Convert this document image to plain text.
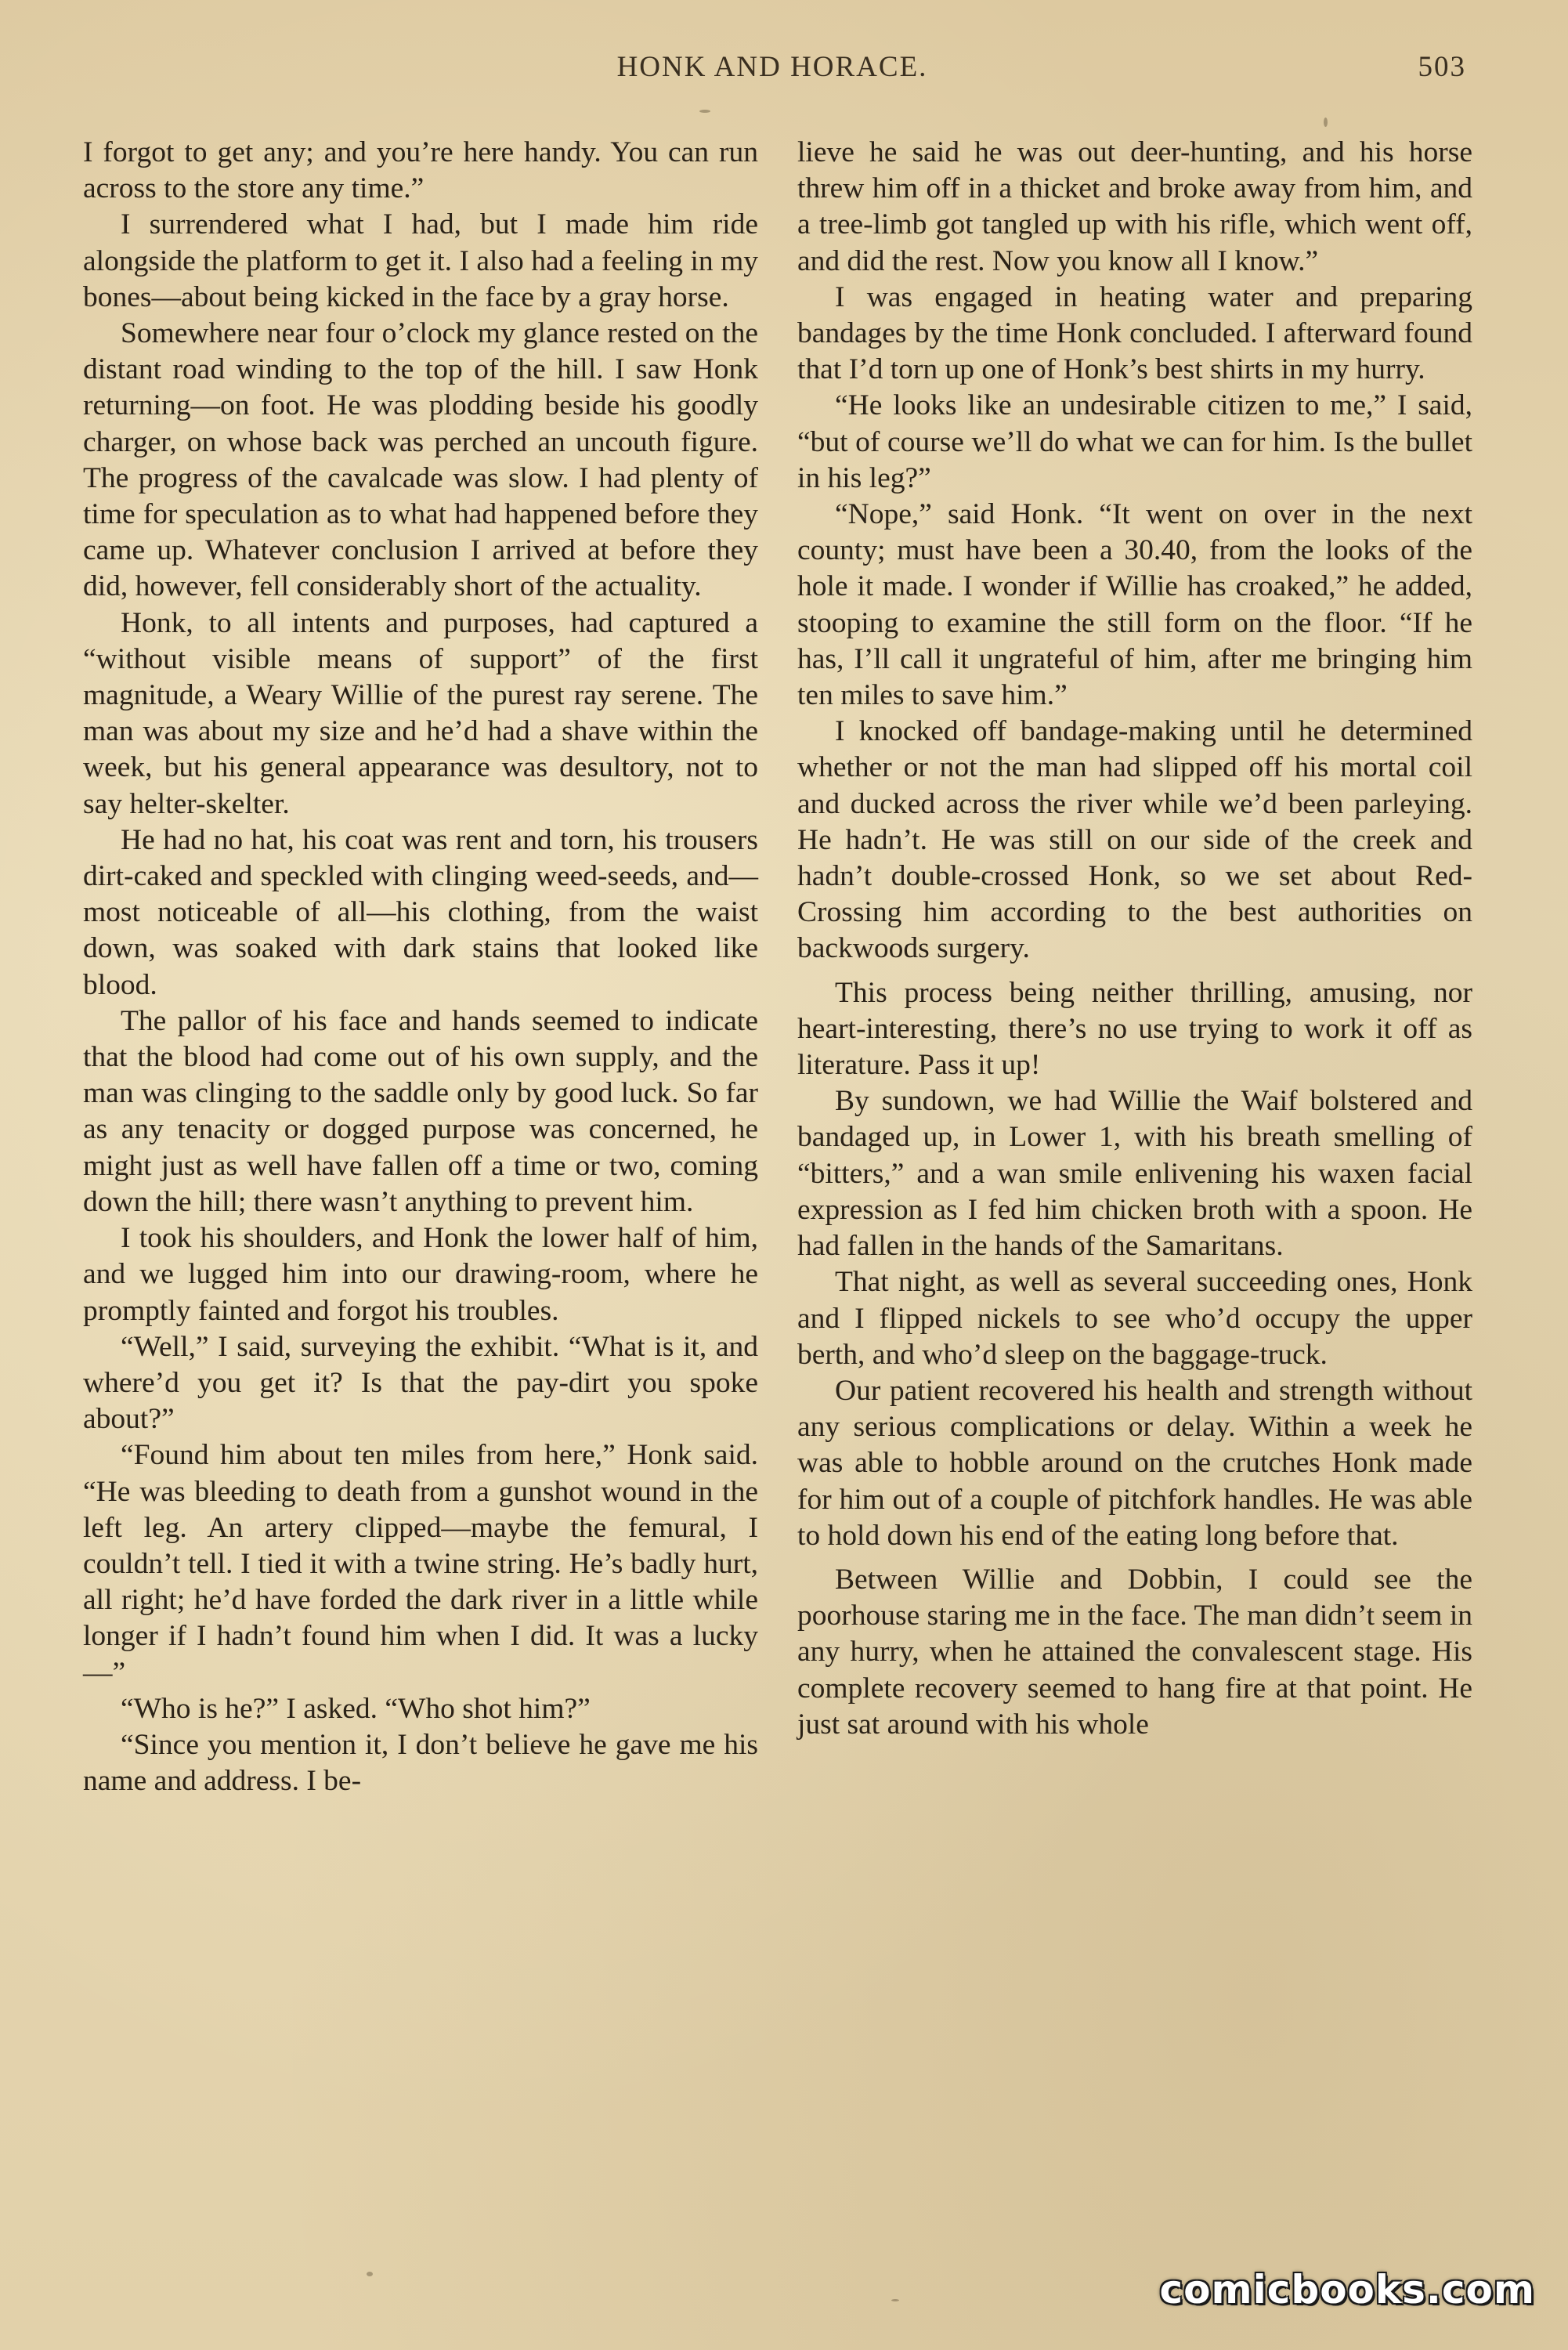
HONK AND HORACE.	503

I forgot to get any; and you’re here handy. You can run across to the store any time.”

I surrendered what I had, but I made him ride alongside the platform to get it. I also had a feeling in my bones—about being kicked in the face by a gray horse.

Somewhere near four o’clock my glance rested on the distant road winding to the top of the hill. I saw Honk returning—on foot. He was plodding beside his goodly charger, on whose back was perched an uncouth figure. The progress of the cavalcade was slow. I had plenty of time for speculation as to what had happened before they came up. Whatever conclusion I arrived at before they did, however, fell considerably short of the actuality.

Honk, to all intents and purposes, had captured a “without visible means of support” of the first magnitude, a Weary Willie of the purest ray serene. The man was about my size and he’d had a shave within the week, but his general appearance was desultory, not to say helter-skelter.

He had no hat, his coat was rent and torn, his trousers dirt-caked and speckled with clinging weed-seeds, and—most noticeable of all—his clothing, from the waist down, was soaked with dark stains that looked like blood.

The pallor of his face and hands seemed to indicate that the blood had come out of his own supply, and the man was clinging to the saddle only by good luck. So far as any tenacity or dogged purpose was concerned, he might just as well have fallen off a time or two, coming down the hill; there wasn’t anything to prevent him.

I took his shoulders, and Honk the lower half of him, and we lugged him into our drawing-room, where he promptly fainted and forgot his troubles.

“Well,” I said, surveying the exhibit. “What is it, and where’d you get it? Is that the pay-dirt you spoke about?”

“Found him about ten miles from here,” Honk said. “He was bleeding to death from a gunshot wound in the left leg. An artery clipped—maybe the femural, I couldn’t tell. I tied it with a twine string. He’s badly hurt, all right; he’d have forded the dark river in a little while longer if I hadn’t found him when I did. It was a lucky—”

“Who is he?” I asked. “Who shot him?”

“Since you mention it, I don’t believe he gave me his name and address. I be-

lieve he said he was out deer-hunting, and his horse threw him off in a thicket and broke away from him, and a tree-limb got tangled up with his rifle, which went off, and did the rest. Now you know all I know.”

I was engaged in heating water and preparing bandages by the time Honk concluded. I afterward found that I’d torn up one of Honk’s best shirts in my hurry.

“He looks like an undesirable citizen to me,” I said, “but of course we’ll do what we can for him. Is the bullet in his leg?”

“Nope,” said Honk. “It went on over in the next county; must have been a 30.40, from the looks of the hole it made. I wonder if Willie has croaked,” he added, stooping to examine the still form on the floor. “If he has, I’ll call it ungrateful of him, after me bringing him ten miles to save him.”

I knocked off bandage-making until he determined whether or not the man had slipped off his mortal coil and ducked across the river while we’d been parleying. He hadn’t. He was still on our side of the creek and hadn’t double-crossed Honk, so we set about Red-Crossing him according to the best authorities on backwoods surgery.

This process being neither thrilling, amusing, nor heart-interesting, there’s no use trying to work it off as literature. Pass it up!

By sundown, we had Willie the Waif bolstered and bandaged up, in Lower 1, with his breath smelling of “bitters,” and a wan smile enlivening his waxen facial expression as I fed him chicken broth with a spoon. He had fallen in the hands of the Samaritans.

That night, as well as several succeeding ones, Honk and I flipped nickels to see who’d occupy the upper berth, and who’d sleep on the baggage-truck.

Our patient recovered his health and strength without any serious complications or delay. Within a week he was able to hobble around on the crutches Honk made for him out of a couple of pitchfork handles. He was able to hold down his end of the eating long before that.

Between Willie and Dobbin, I could see the poorhouse staring me in the face. The man didn’t seem in any hurry, when he attained the convalescent stage. His complete recovery seemed to hang fire at that point. He just sat around with his whole

comicbooks.com
